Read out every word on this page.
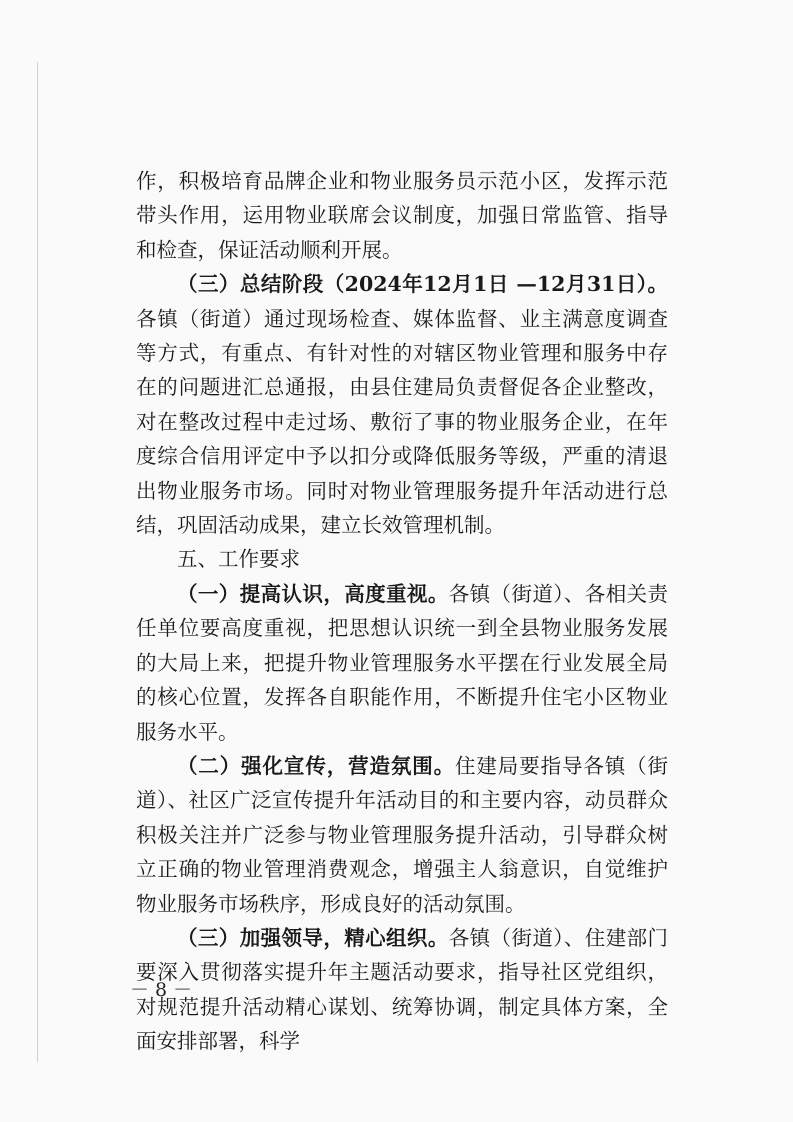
作，积极培育品牌企业和物业服务员示范小区，发挥示范带头作用，运用物业联席会议制度，加强日常监管、指导和检查，保证活动顺利开展。

（三）总结阶段（2024年12月1日 —12月31日）。各镇（街道）通过现场检查、媒体监督、业主满意度调查等方式，有重点、有针对性的对辖区物业管理和服务中存在的问题进汇总通报，由县住建局负责督促各企业整改，对在整改过程中走过场、敷衍了事的物业服务企业，在年度综合信用评定中予以扣分或降低服务等级，严重的清退出物业服务市场。同时对物业管理服务提升年活动进行总结，巩固活动成果，建立长效管理机制。

五、工作要求

（一）提高认识，高度重视。各镇（街道）、各相关责任单位要高度重视，把思想认识统一到全县物业服务发展的大局上来，把提升物业管理服务水平摆在行业发展全局的核心位置，发挥各自职能作用，不断提升住宅小区物业服务水平。

（二）强化宣传，营造氛围。住建局要指导各镇（街道）、社区广泛宣传提升年活动目的和主要内容，动员群众积极关注并广泛参与物业管理服务提升活动，引导群众树立正确的物业管理消费观念，增强主人翁意识，自觉维护物业服务市场秩序，形成良好的活动氛围。

（三）加强领导，精心组织。各镇（街道）、住建部门要深入贯彻落实提升年主题活动要求，指导社区党组织，对规范提升活动精心谋划、统筹协调，制定具体方案，全面安排部署，科学

－ 8 －
